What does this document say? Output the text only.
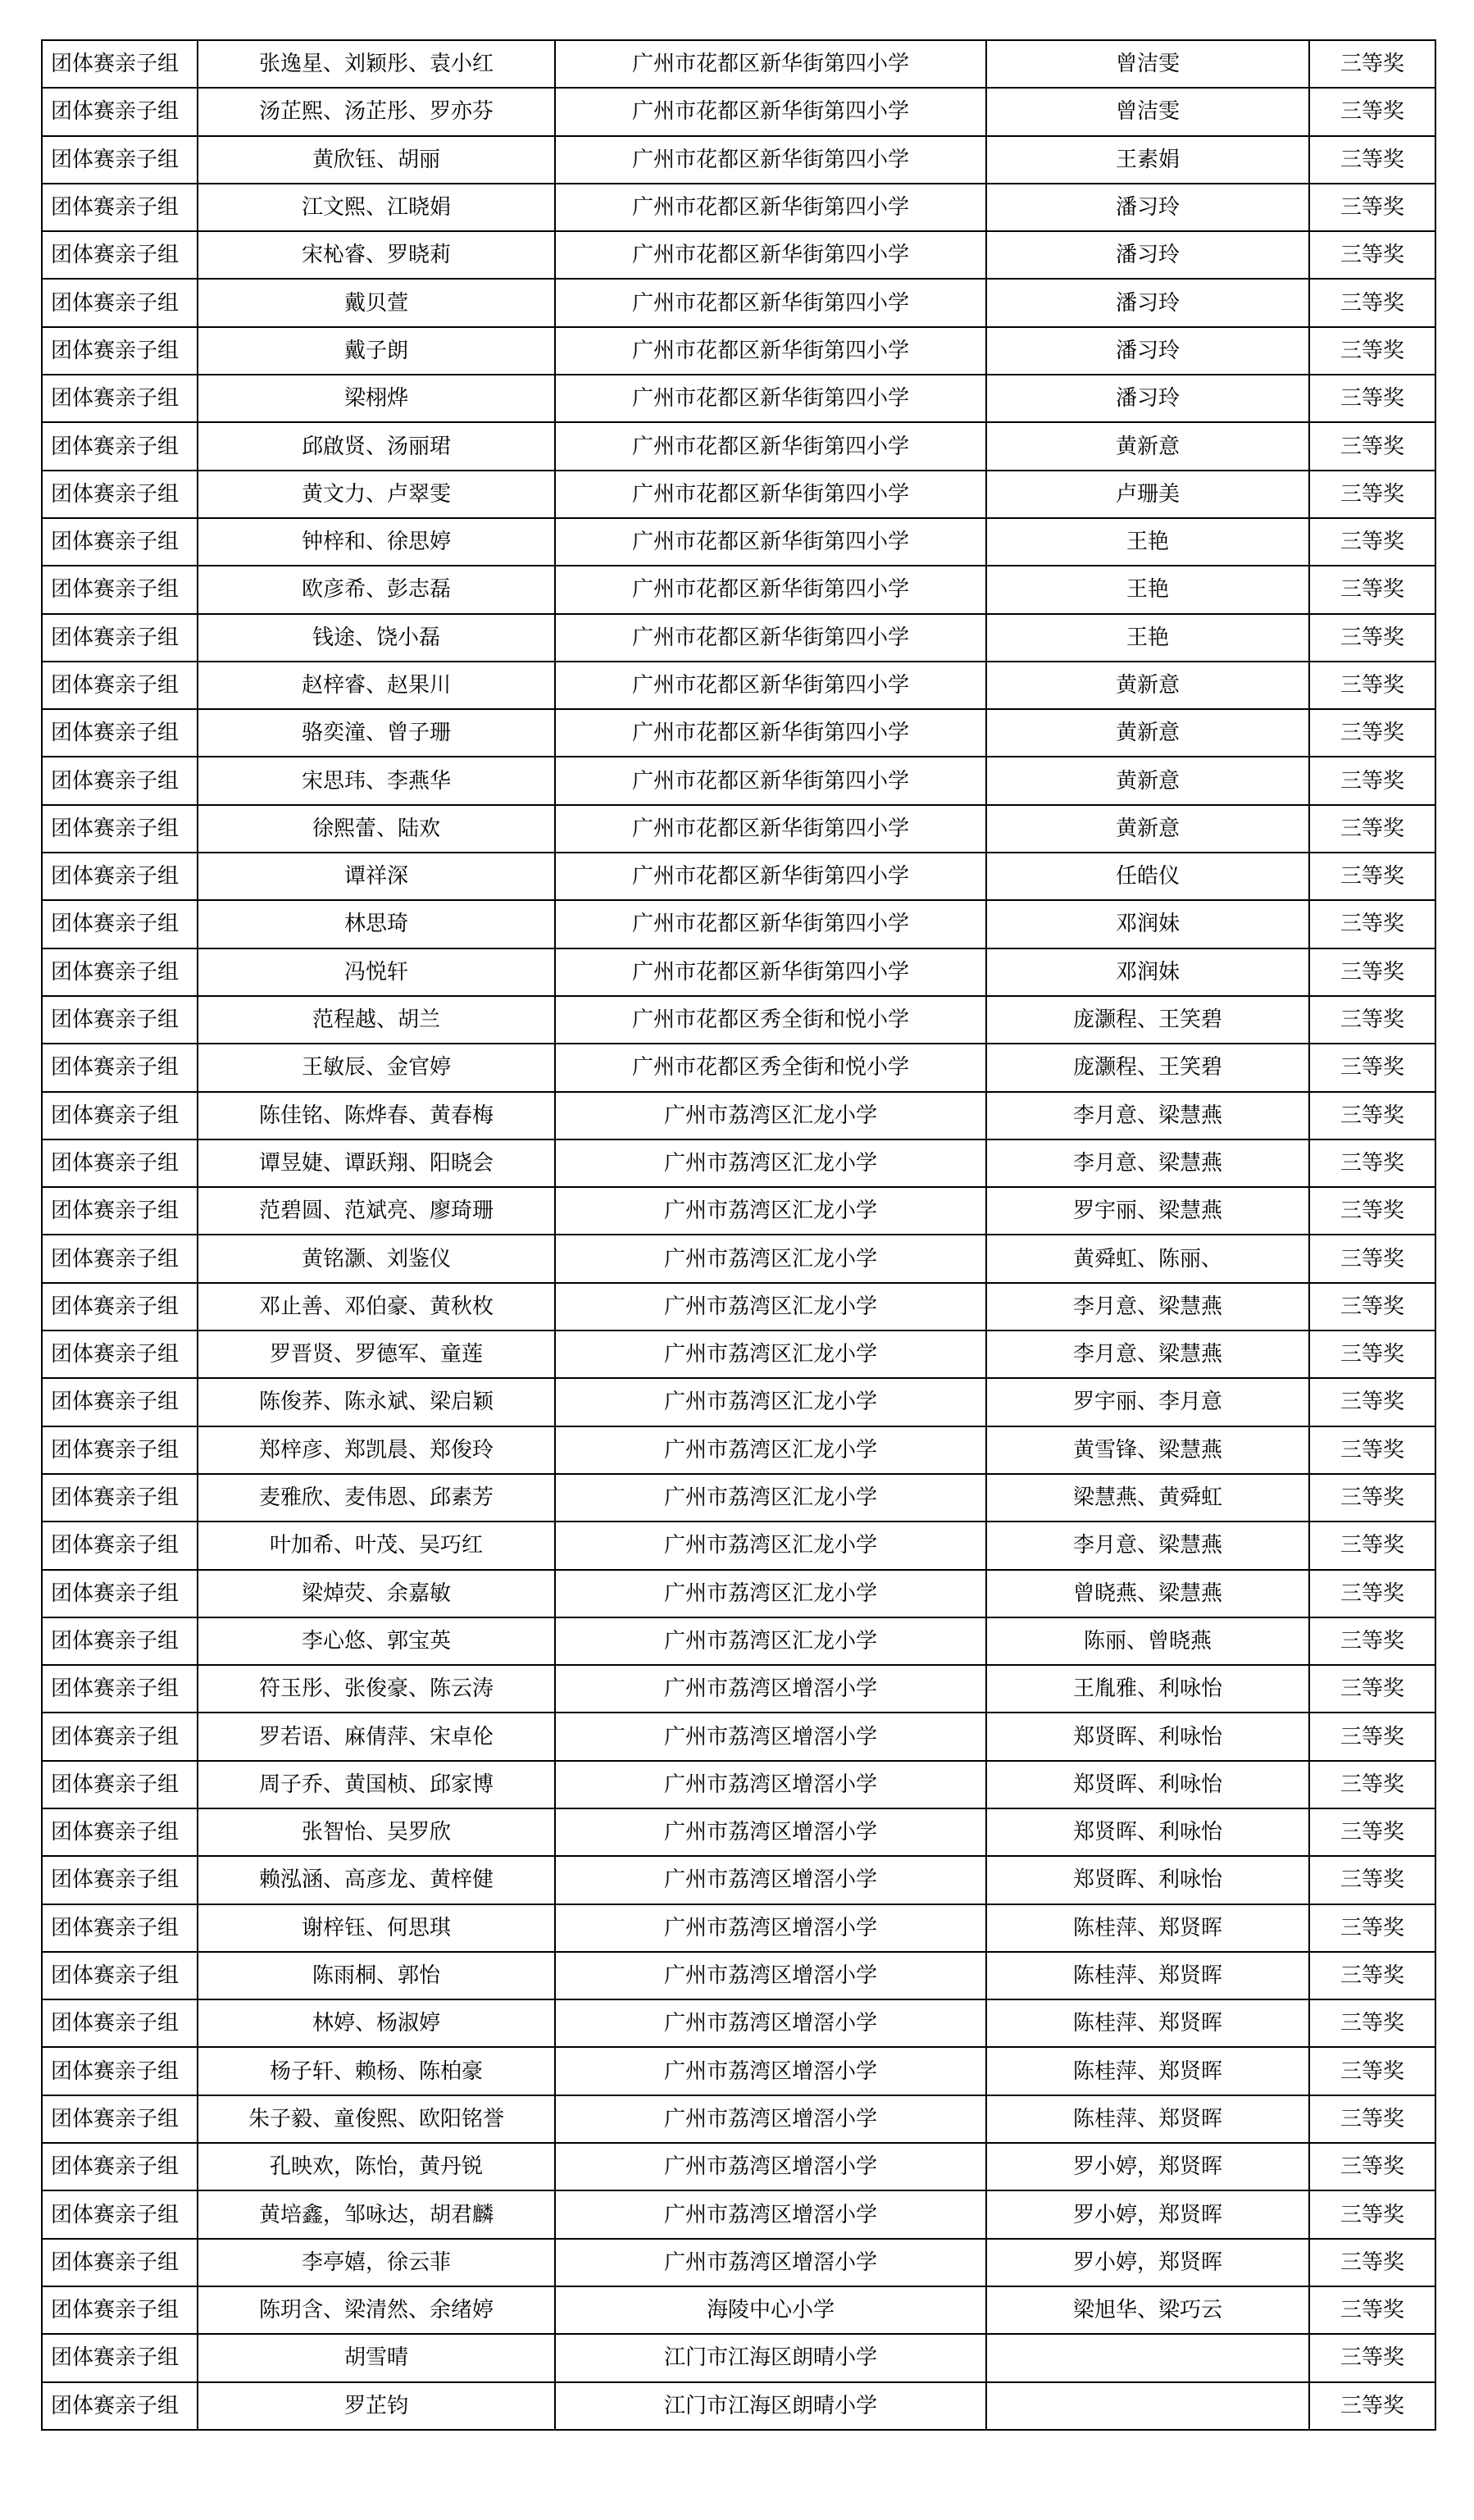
团体赛亲子组	张逸星、刘颖彤、袁小红	广州市花都区新华街第四小学	曾洁雯	三等奖
团体赛亲子组	汤芷熙、汤芷彤、罗亦芬	广州市花都区新华街第四小学	曾洁雯	三等奖
团体赛亲子组	黄欣钰、胡丽	广州市花都区新华街第四小学	王素娟	三等奖
团体赛亲子组	江文熙、江晓娟	广州市花都区新华街第四小学	潘习玲	三等奖
团体赛亲子组	宋杺睿、罗晓莉	广州市花都区新华街第四小学	潘习玲	三等奖
团体赛亲子组	戴贝萱	广州市花都区新华街第四小学	潘习玲	三等奖
团体赛亲子组	戴子朗	广州市花都区新华街第四小学	潘习玲	三等奖
团体赛亲子组	梁栩烨	广州市花都区新华街第四小学	潘习玲	三等奖
团体赛亲子组	邱啟贤、汤丽珺	广州市花都区新华街第四小学	黄新意	三等奖
团体赛亲子组	黄文力、卢翠雯	广州市花都区新华街第四小学	卢珊美	三等奖
团体赛亲子组	钟梓和、徐思婷	广州市花都区新华街第四小学	王艳	三等奖
团体赛亲子组	欧彦希、彭志磊	广州市花都区新华街第四小学	王艳	三等奖
团体赛亲子组	钱途、饶小磊	广州市花都区新华街第四小学	王艳	三等奖
团体赛亲子组	赵梓睿、赵果川	广州市花都区新华街第四小学	黄新意	三等奖
团体赛亲子组	骆奕潼、曾子珊	广州市花都区新华街第四小学	黄新意	三等奖
团体赛亲子组	宋思玮、李燕华	广州市花都区新华街第四小学	黄新意	三等奖
团体赛亲子组	徐熙蕾、陆欢	广州市花都区新华街第四小学	黄新意	三等奖
团体赛亲子组	谭祥深	广州市花都区新华街第四小学	任皓仪	三等奖
团体赛亲子组	林思琦	广州市花都区新华街第四小学	邓润妹	三等奖
团体赛亲子组	冯悦轩	广州市花都区新华街第四小学	邓润妹	三等奖
团体赛亲子组	范程越、胡兰	广州市花都区秀全街和悦小学	庞灏程、王笑碧	三等奖
团体赛亲子组	王敏辰、金官婷	广州市花都区秀全街和悦小学	庞灏程、王笑碧	三等奖
团体赛亲子组	陈佳铭、陈烨春、黄春梅	广州市荔湾区汇龙小学	李月意、梁慧燕	三等奖
团体赛亲子组	谭昱婕、谭跃翔、阳晓会	广州市荔湾区汇龙小学	李月意、梁慧燕	三等奖
团体赛亲子组	范碧圆、范斌亮、廖琦珊	广州市荔湾区汇龙小学	罗宇丽、梁慧燕	三等奖
团体赛亲子组	黄铭灏、刘鉴仪	广州市荔湾区汇龙小学	黄舜虹、陈丽、	三等奖
团体赛亲子组	邓止善、邓伯豪、黄秋枚	广州市荔湾区汇龙小学	李月意、梁慧燕	三等奖
团体赛亲子组	罗晋贤、罗德军、童莲	广州市荔湾区汇龙小学	李月意、梁慧燕	三等奖
团体赛亲子组	陈俊荞、陈永斌、梁启颖	广州市荔湾区汇龙小学	罗宇丽、李月意	三等奖
团体赛亲子组	郑梓彦、郑凯晨、郑俊玲	广州市荔湾区汇龙小学	黄雪锋、梁慧燕	三等奖
团体赛亲子组	麦雅欣、麦伟恩、邱素芳	广州市荔湾区汇龙小学	梁慧燕、黄舜虹	三等奖
团体赛亲子组	叶加希、叶茂、吴巧红	广州市荔湾区汇龙小学	李月意、梁慧燕	三等奖
团体赛亲子组	梁焯荧、余嘉敏	广州市荔湾区汇龙小学	曾晓燕、梁慧燕	三等奖
团体赛亲子组	李心悠、郭宝英	广州市荔湾区汇龙小学	陈丽、曾晓燕	三等奖
团体赛亲子组	符玉彤、张俊豪、陈云涛	广州市荔湾区增滘小学	王胤雅、利咏怡	三等奖
团体赛亲子组	罗若语、麻倩萍、宋卓伦	广州市荔湾区增滘小学	郑贤晖、利咏怡	三等奖
团体赛亲子组	周子乔、黄国桢、邱家博	广州市荔湾区增滘小学	郑贤晖、利咏怡	三等奖
团体赛亲子组	张智怡、吴罗欣	广州市荔湾区增滘小学	郑贤晖、利咏怡	三等奖
团体赛亲子组	赖泓涵、高彦龙、黄梓健	广州市荔湾区增滘小学	郑贤晖、利咏怡	三等奖
团体赛亲子组	谢梓钰、何思琪	广州市荔湾区增滘小学	陈桂萍、郑贤晖	三等奖
团体赛亲子组	陈雨桐、郭怡	广州市荔湾区增滘小学	陈桂萍、郑贤晖	三等奖
团体赛亲子组	林婷、杨淑婷	广州市荔湾区增滘小学	陈桂萍、郑贤晖	三等奖
团体赛亲子组	杨子轩、赖杨、陈柏豪	广州市荔湾区增滘小学	陈桂萍、郑贤晖	三等奖
团体赛亲子组	朱子毅、童俊熙、欧阳铭誉	广州市荔湾区增滘小学	陈桂萍、郑贤晖	三等奖
团体赛亲子组	孔映欢，陈怡，黄丹锐	广州市荔湾区增滘小学	罗小婷，郑贤晖	三等奖
团体赛亲子组	黄培鑫，邹咏达，胡君麟	广州市荔湾区增滘小学	罗小婷，郑贤晖	三等奖
团体赛亲子组	李亭嬉，徐云菲	广州市荔湾区增滘小学	罗小婷，郑贤晖	三等奖
团体赛亲子组	陈玥含、梁清然、余绪婷	海陵中心小学	梁旭华、梁巧云	三等奖
团体赛亲子组	胡雪晴	江门市江海区朗晴小学		三等奖
团体赛亲子组	罗芷钧	江门市江海区朗晴小学		三等奖
